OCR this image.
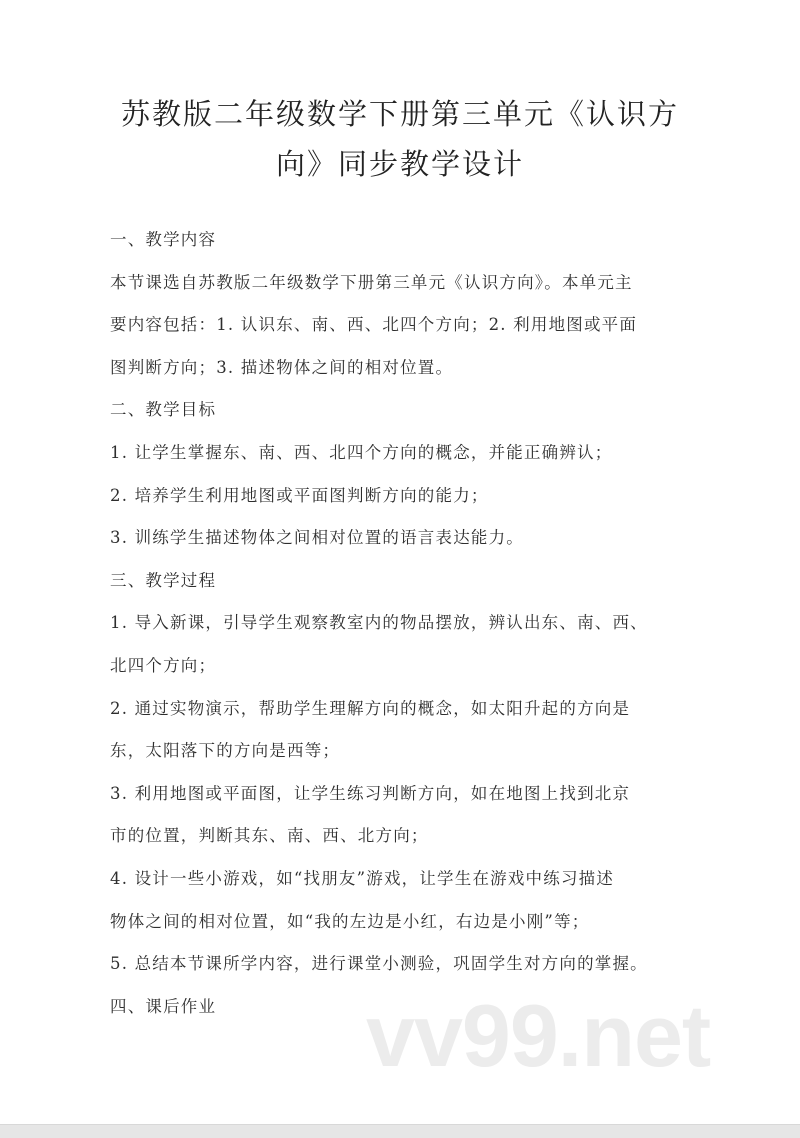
苏教版二年级数学下册第三单元《认识方
向》同步教学设计
一、教学内容
本节课选自苏教版二年级数学下册第三单元《认识方向》。本单元主
要内容包括：1. 认识东、南、西、北四个方向；2. 利用地图或平面
图判断方向；3. 描述物体之间的相对位置。
二、教学目标
1. 让学生掌握东、南、西、北四个方向的概念，并能正确辨认；
2. 培养学生利用地图或平面图判断方向的能力；
3. 训练学生描述物体之间相对位置的语言表达能力。
三、教学过程
1. 导入新课，引导学生观察教室内的物品摆放，辨认出东、南、西、
北四个方向；
2. 通过实物演示，帮助学生理解方向的概念，如太阳升起的方向是
东，太阳落下的方向是西等；
3. 利用地图或平面图，让学生练习判断方向，如在地图上找到北京
市的位置，判断其东、南、西、北方向；
4. 设计一些小游戏，如“找朋友”游戏，让学生在游戏中练习描述
物体之间的相对位置，如“我的左边是小红，右边是小刚”等；
5. 总结本节课所学内容，进行课堂小测验，巩固学生对方向的掌握。
四、课后作业	vv99.net
